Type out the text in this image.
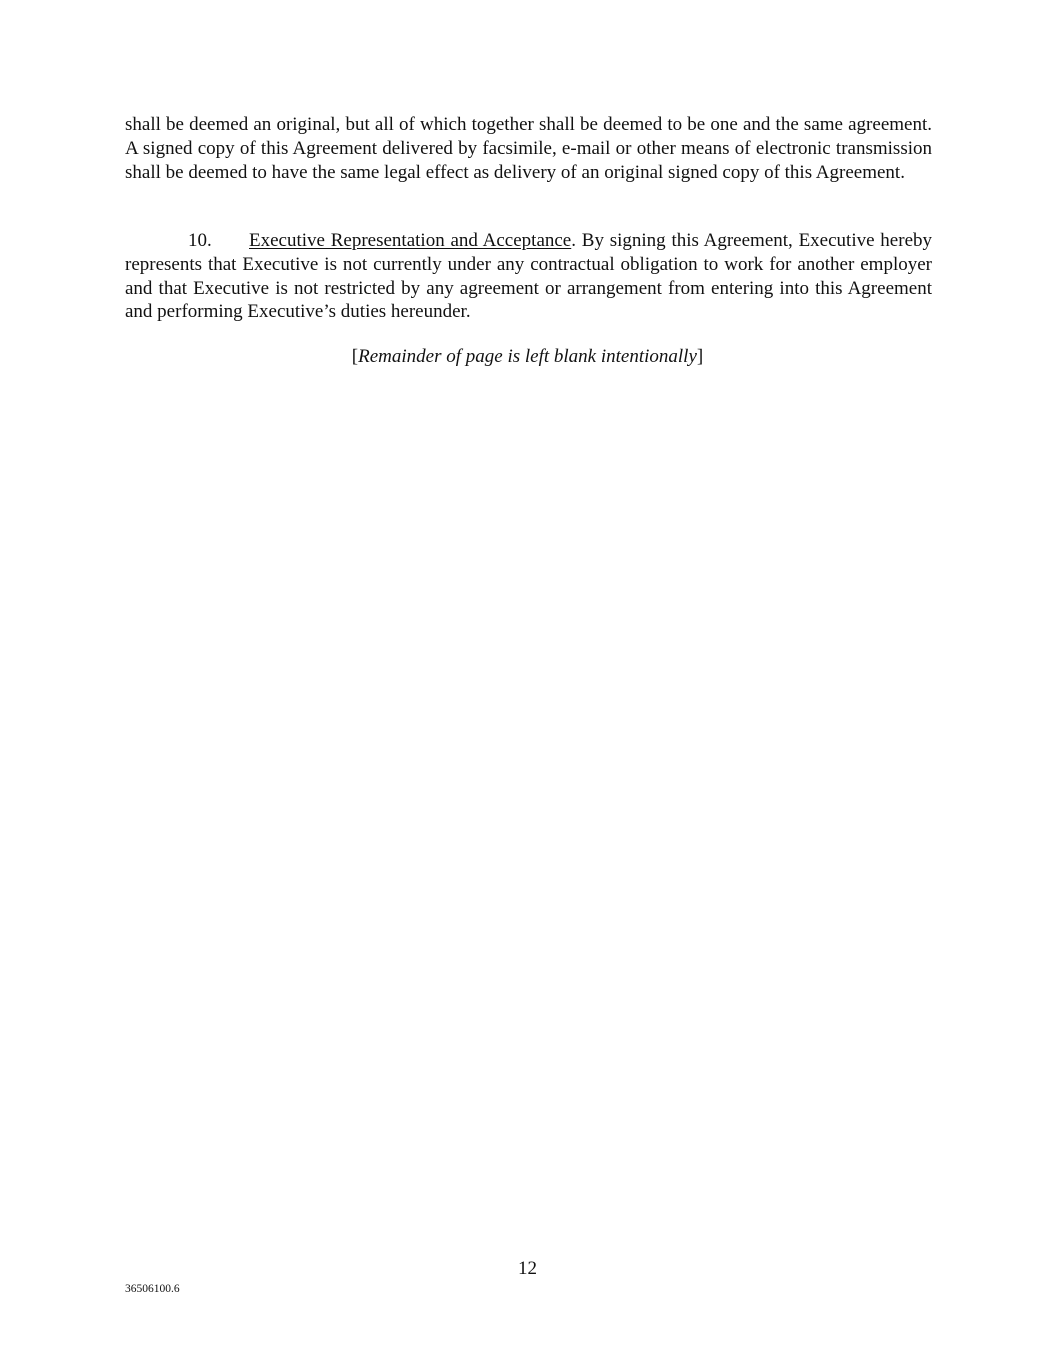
shall be deemed an original, but all of which together shall be deemed to be one and the same agreement. A signed copy of this Agreement delivered by facsimile, e-mail or other means of electronic transmission shall be deemed to have the same legal effect as delivery of an original signed copy of this Agreement.

10. Executive Representation and Acceptance. By signing this Agreement, Executive hereby represents that Executive is not currently under any contractual obligation to work for another employer and that Executive is not restricted by any agreement or arrangement from entering into this Agreement and performing Executive’s duties hereunder.

[Remainder of page is left blank intentionally]

12
36506100.6
